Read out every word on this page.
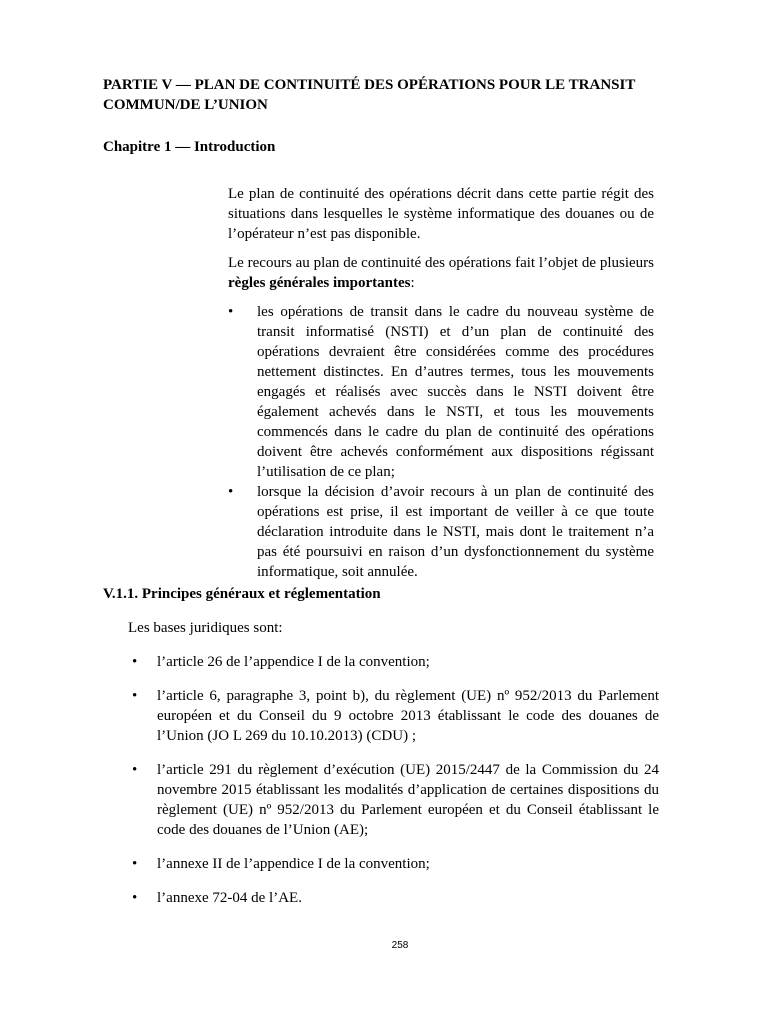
PARTIE V — PLAN DE CONTINUITÉ DES OPÉRATIONS POUR LE TRANSIT COMMUN/DE L’UNION
Chapitre 1 — Introduction

Le plan de continuité des opérations décrit dans cette partie régit des situations dans lesquelles le système informatique des douanes ou de l’opérateur n’est pas disponible.

Le recours au plan de continuité des opérations fait l’objet de plusieurs règles générales importantes:

• les opérations de transit dans le cadre du nouveau système de transit informatisé (NSTI) et d’un plan de continuité des opérations devraient être considérées comme des procédures nettement distinctes. En d’autres termes, tous les mouvements engagés et réalisés avec succès dans le NSTI doivent être également achevés dans le NSTI, et tous les mouvements commencés dans le cadre du plan de continuité des opérations doivent être achevés conformément aux dispositions régissant l’utilisation de ce plan;
• lorsque la décision d’avoir recours à un plan de continuité des opérations est prise, il est important de veiller à ce que toute déclaration introduite dans le NSTI, mais dont le traitement n’a pas été poursuivi en raison d’un dysfonctionnement du système informatique, soit annulée.
V.1.1. Principes généraux et réglementation

Les bases juridiques sont:

• l’article 26 de l’appendice I de la convention;
• l’article 6, paragraphe 3, point b), du règlement (UE) nº 952/2013 du Parlement européen et du Conseil du 9 octobre 2013 établissant le code des douanes de l’Union (JO L 269 du 10.10.2013) (CDU) ;
• l’article 291 du règlement d’exécution (UE) 2015/2447 de la Commission du 24 novembre 2015 établissant les modalités d’application de certaines dispositions du règlement (UE) nº 952/2013 du Parlement européen et du Conseil établissant le code des douanes de l’Union (AE);
• l’annexe II de l’appendice I de la convention;
• l’annexe 72-04 de l’AE.
258
